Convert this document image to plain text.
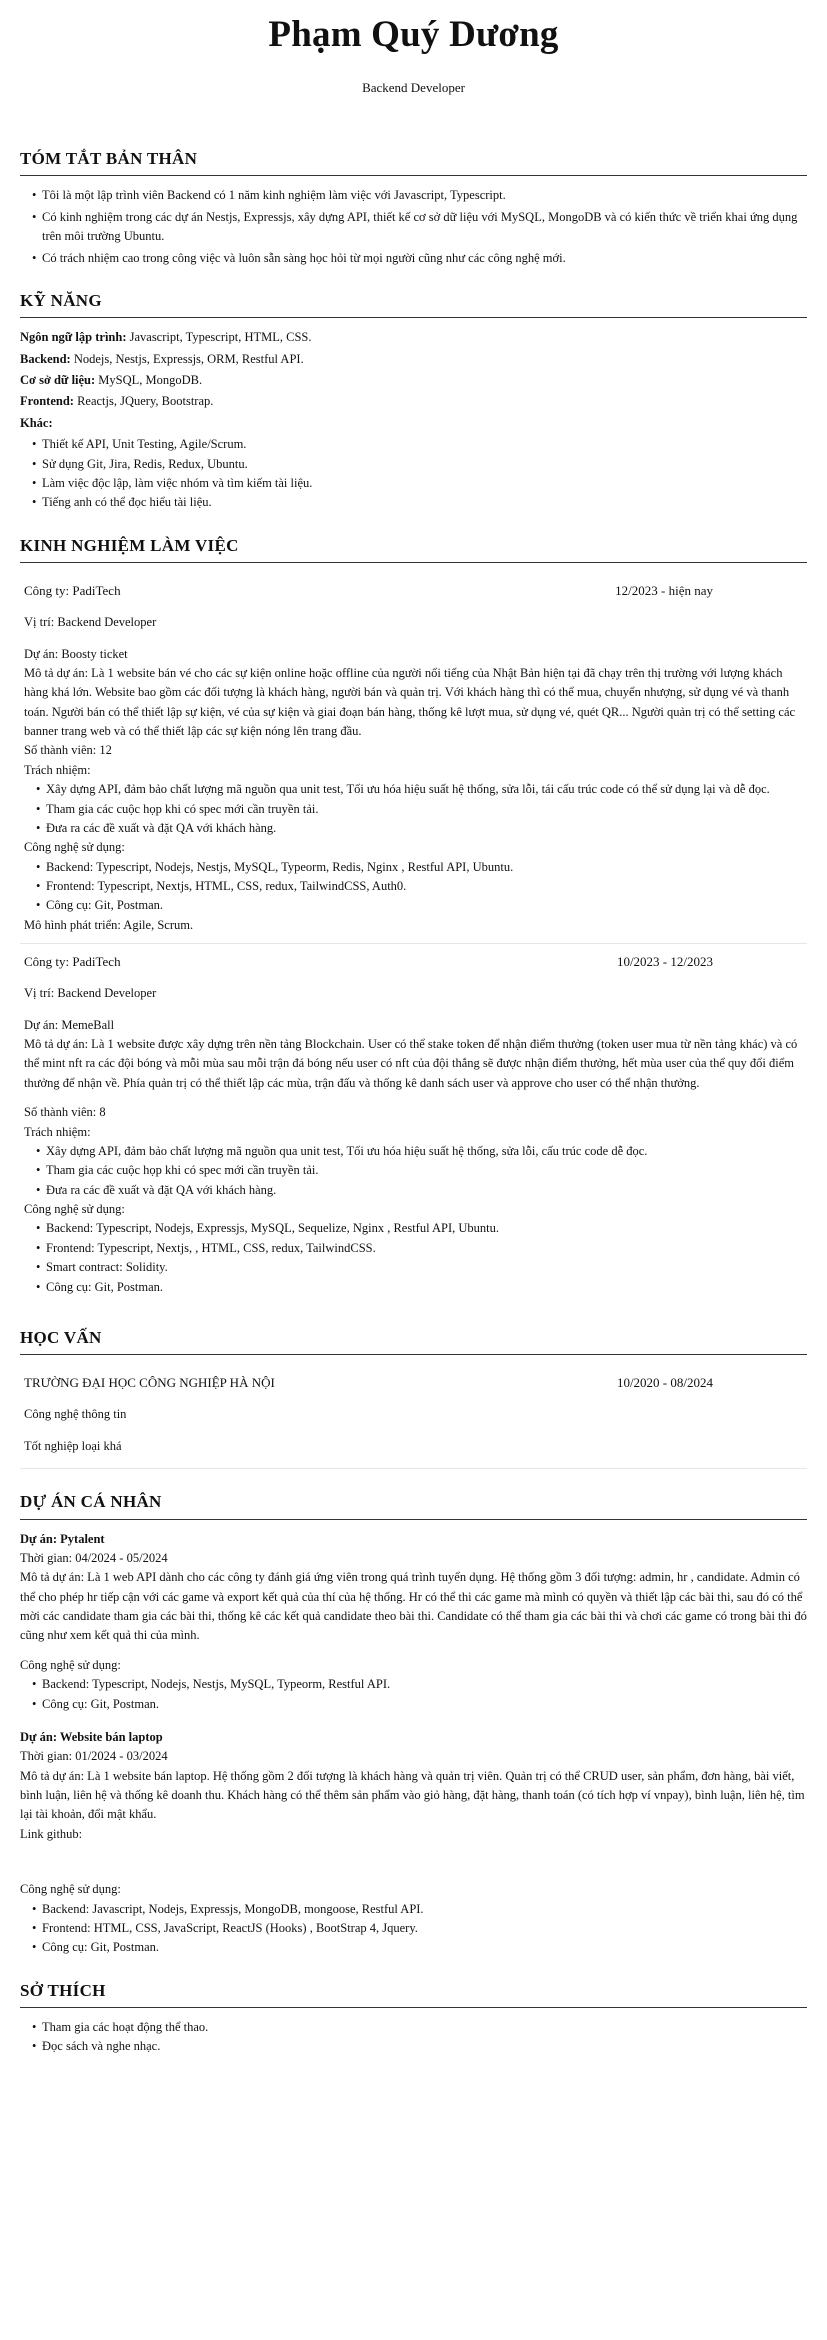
Phạm Quý Dương
Backend Developer
TÓM TẮT BẢN THÂN
• Tôi là một lập trình viên Backend có 1 năm kinh nghiệm làm việc với Javascript, Typescript.
• Có kinh nghiệm trong các dự án Nestjs, Expressjs, xây dựng API, thiết kế cơ sở dữ liệu với MySQL, MongoDB và có kiến thức về triển khai ứng dụng trên môi trường Ubuntu.
• Có trách nhiệm cao trong công việc và luôn sẵn sàng học hỏi từ mọi người cũng như các công nghệ mới.
KỸ NĂNG
Ngôn ngữ lập trình: Javascript, Typescript, HTML, CSS.
Backend: Nodejs, Nestjs, Expressjs, ORM, Restful API.
Cơ sở dữ liệu: MySQL, MongoDB.
Frontend: Reactjs, JQuery, Bootstrap.
Khác:
• Thiết kế API, Unit Testing, Agile/Scrum.
• Sử dụng Git, Jira, Redis, Redux, Ubuntu.
• Làm việc độc lập, làm việc nhóm và tìm kiếm tài liệu.
• Tiếng anh có thể đọc hiểu tài liệu.
KINH NGHIỆM LÀM VIỆC
Công ty: PadiTech	12/2023 - hiện nay

Vị trí: Backend Developer

Dự án: Boosty ticket

Mô tả dự án: Là 1 website bán vé cho các sự kiện online hoặc offline của người nổi tiếng của Nhật Bản hiện tại đã chạy trên thị trường với lượng khách hàng khá lớn. Website bao gồm các đối tượng là khách hàng, người bán và quản trị. Với khách hàng thì có thể mua, chuyển nhượng, sử dụng vé và thanh toán. Người bán có thể thiết lập sự kiện, vé của sự kiện và giai đoạn bán hàng, thống kê lượt mua, sử dụng vé, quét QR... Người quản trị có thể setting các banner trang web và có thể thiết lập các sự kiện nóng lên trang đầu.

Số thành viên: 12

Trách nhiệm:

• Xây dựng API, đảm bảo chất lượng mã nguồn qua unit test, Tối ưu hóa hiệu suất hệ thống, sửa lỗi, tái cấu trúc code có thể sử dụng lại và dễ đọc.
• Tham gia các cuộc họp khi có spec mới cần truyền tải.
• Đưa ra các đề xuất và đặt QA với khách hàng.

Công nghệ sử dụng:

• Backend: Typescript, Nodejs, Nestjs, MySQL, Typeorm, Redis, Nginx , Restful API, Ubuntu.
• Frontend: Typescript, Nextjs, HTML, CSS, redux, TailwindCSS, Auth0.
• Công cụ: Git, Postman.

Mô hình phát triển: Agile, Scrum.

Công ty: PadiTech	10/2023 - 12/2023

Vị trí: Backend Developer

Dự án: MemeBall

Mô tả dự án: Là 1 website được xây dựng trên nền tảng Blockchain. User có thể stake token để nhận điểm thưởng (token user mua từ nền tảng khác) và có thể mint nft ra các đội bóng và mỗi mùa sau mỗi trận đá bóng nếu user có nft của đội thắng sẽ được nhận điểm thưởng, hết mùa user của thể quy đổi điểm thưởng để nhận về. Phía quản trị có thể thiết lập các mùa, trận đấu và thống kê danh sách user và approve cho user có thể nhận thưởng.

Số thành viên: 8

Trách nhiệm:

• Xây dựng API, đảm bảo chất lượng mã nguồn qua unit test, Tối ưu hóa hiệu suất hệ thống, sửa lỗi, cấu trúc code dễ đọc.
• Tham gia các cuộc họp khi có spec mới cần truyền tải.
• Đưa ra các đề xuất và đặt QA với khách hàng.

Công nghệ sử dụng:

• Backend: Typescript, Nodejs, Expressjs, MySQL, Sequelize, Nginx , Restful API, Ubuntu.
• Frontend: Typescript, Nextjs, , HTML, CSS, redux, TailwindCSS.
• Smart contract: Solidity.
• Công cụ: Git, Postman.
HỌC VẤN
TRƯỜNG ĐẠI HỌC CÔNG NGHIỆP HÀ NỘI	10/2020 - 08/2024

Công nghệ thông tin

Tốt nghiệp loại khá

DỰ ÁN CÁ NHÂN

Dự án: Pytalent

Thời gian: 04/2024 - 05/2024

Mô tả dự án: Là 1 web API dành cho các công ty đánh giá ứng viên trong quá trình tuyển dụng. Hệ thống gồm 3 đối tượng: admin, hr , candidate. Admin có thể cho phép hr tiếp cận với các game và export kết quả của thí của hệ thống. Hr có thể thi các game mà mình có quyền và thiết lập các bài thi, sau đó có thể mời các candidate tham gia các bài thi, thống kê các kết quả candidate theo bài thi. Candidate có thể tham gia các bài thi và chơi các game có trong bài thi đó cũng như xem kết quả thi của mình.

Công nghệ sử dụng:

• Backend: Typescript, Nodejs, Nestjs, MySQL, Typeorm, Restful API.
• Công cụ: Git, Postman.

Dự án: Website bán laptop

Thời gian: 01/2024 - 03/2024

Mô tả dự án: Là 1 website bán laptop. Hệ thống gồm 2 đối tượng là khách hàng và quản trị viên. Quản trị có thể CRUD user, sản phẩm, đơn hàng, bài viết, bình luận, liên hệ và thống kê doanh thu. Khách hàng có thể thêm sản phẩm vào giỏ hàng, đặt hàng, thanh toán (có tích hợp ví vnpay), bình luận, liên hệ, tìm lại tài khoản, đổi mật khẩu.

Link github:

Công nghệ sử dụng:

• Backend: Javascript, Nodejs, Expressjs, MongoDB, mongoose, Restful API.
• Frontend: HTML, CSS, JavaScript, ReactJS (Hooks) , BootStrap 4, Jquery.
• Công cụ: Git, Postman.
SỞ THÍCH
• Tham gia các hoạt động thể thao.
• Đọc sách và nghe nhạc.
